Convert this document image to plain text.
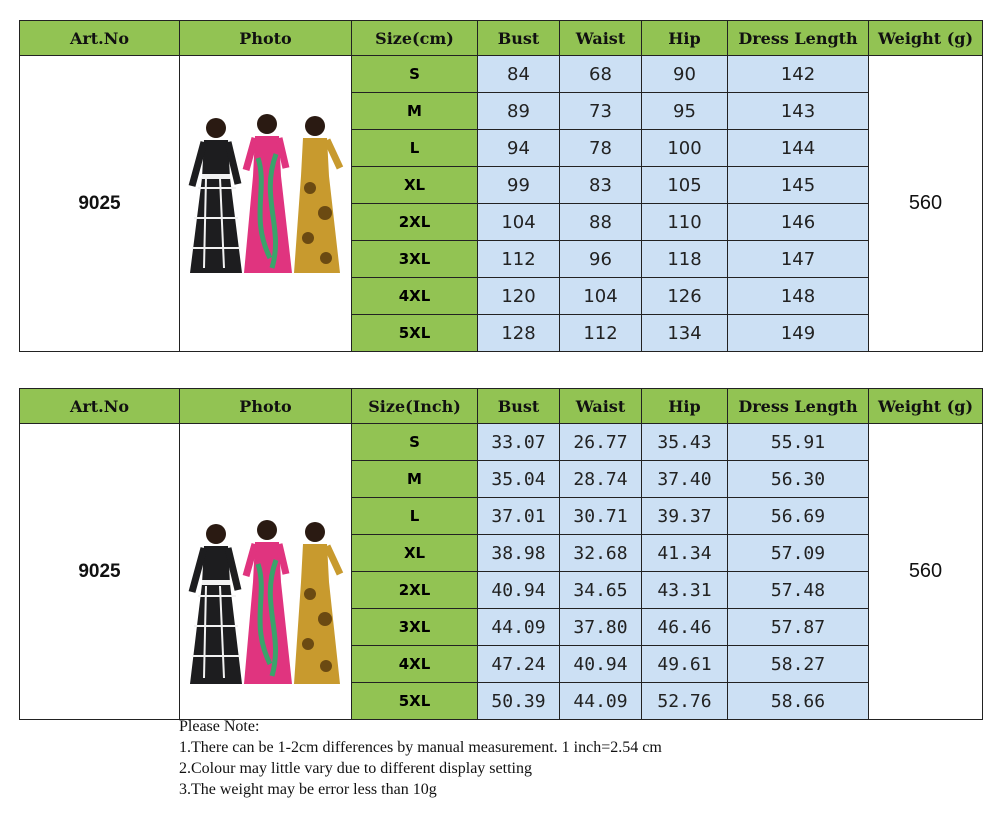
Art.No	Photo	Size(cm)	Bust	Waist	Hip	Dress Length	Weight (g)
9025		S	84	68	90	142	560
		M	89	73	95	143	
		L	94	78	100	144	
		XL	99	83	105	145	
		2XL	104	88	110	146	
		3XL	112	96	118	147	
		4XL	120	104	126	148	
		5XL	128	112	134	149	
Art.No	Photo	Size(Inch)	Bust	Waist	Hip	Dress Length	Weight (g)
9025		S	33.07	26.77	35.43	55.91	560
		M	35.04	28.74	37.40	56.30	
		L	37.01	30.71	39.37	56.69	
		XL	38.98	32.68	41.34	57.09	
		2XL	40.94	34.65	43.31	57.48	
		3XL	44.09	37.80	46.46	57.87	
		4XL	47.24	40.94	49.61	58.27	
		5XL	50.39	44.09	52.76	58.66	
Please Note:
1.There can be 1-2cm differences by manual measurement. 1 inch=2.54 cm
2.Colour may little vary due to different display setting
3.The weight may be error less than 10g
